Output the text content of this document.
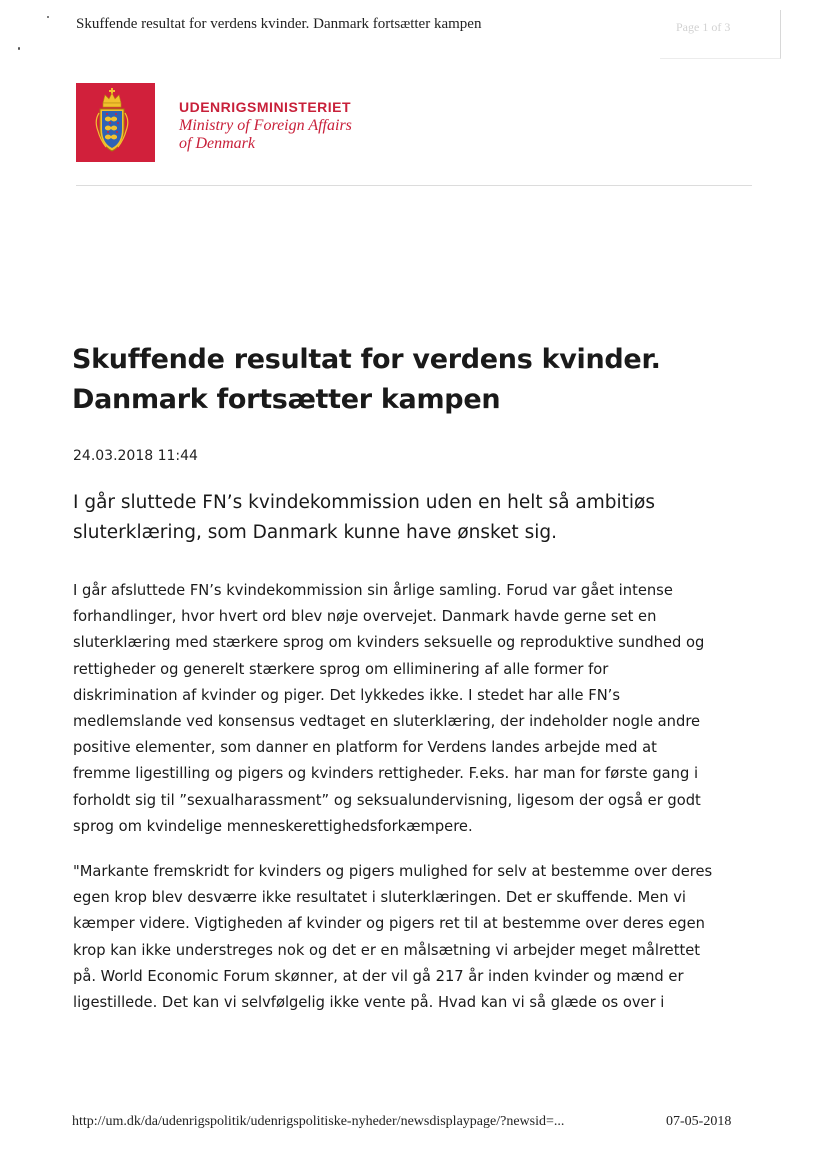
Skuffende resultat for verdens kvinder. Danmark fortsætter kampen	Page 1 of 3
UDENRIGSMINISTERIET
Ministry of Foreign Affairs
of Denmark
Skuffende resultat for verdens kvinder.
Danmark fortsætter kampen
24.03.2018 11:44
I går sluttede FN’s kvindekommission uden en helt så ambitiøs
sluterklæring, som Danmark kunne have ønsket sig.
I går afsluttede FN’s kvindekommission sin årlige samling. Forud var gået intense
forhandlinger, hvor hvert ord blev nøje overvejet. Danmark havde gerne set en
sluterklæring med stærkere sprog om kvinders seksuelle og reproduktive sundhed og
rettigheder og generelt stærkere sprog om elliminering af alle former for
diskrimination af kvinder og piger. Det lykkedes ikke. I stedet har alle FN’s
medlemslande ved konsensus vedtaget en sluterklæring, der indeholder nogle andre
positive elementer, som danner en platform for Verdens landes arbejde med at
fremme ligestilling og pigers og kvinders rettigheder. F.eks. har man for første gang i
forholdt sig til ”sexualharassment” og seksualundervisning, ligesom der også er godt
sprog om kvindelige menneskerettighedsforkæmpere.
"Markante fremskridt for kvinders og pigers mulighed for selv at bestemme over deres
egen krop blev desværre ikke resultatet i sluterklæringen. Det er skuffende. Men vi
kæmper videre. Vigtigheden af kvinder og pigers ret til at bestemme over deres egen
krop kan ikke understreges nok og det er en målsætning vi arbejder meget målrettet
på. World Economic Forum skønner, at der vil gå 217 år inden kvinder og mænd er
ligestillede. Det kan vi selvfølgelig ikke vente på. Hvad kan vi så glæde os over i
http://um.dk/da/udenrigspolitik/udenrigspolitiske-nyheder/newsdisplaypage/?newsid=...	07-05-2018
